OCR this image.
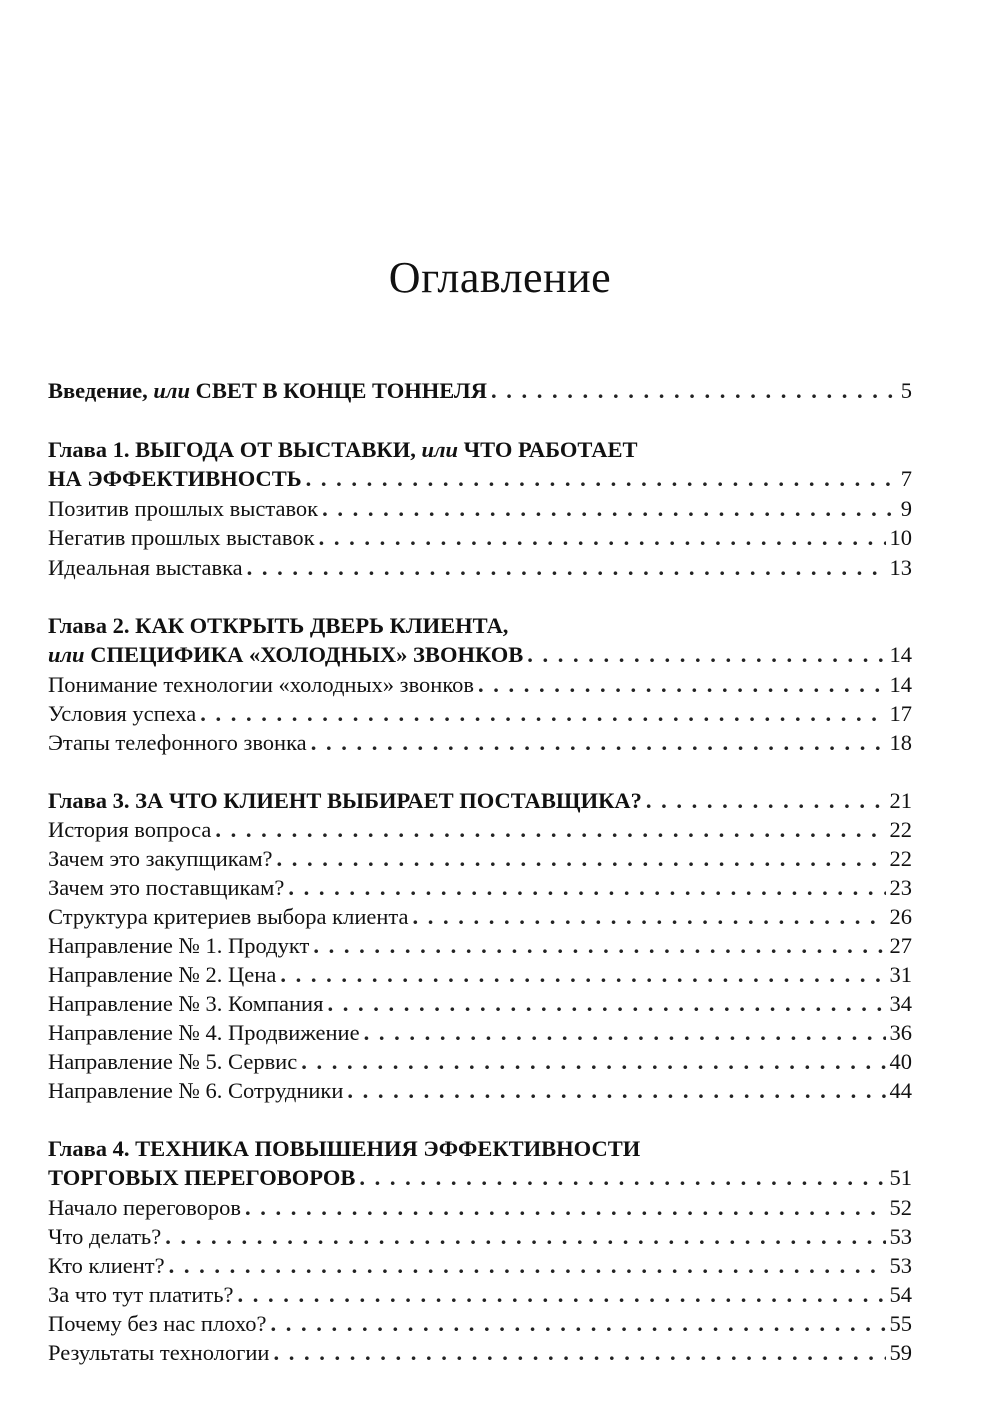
Оглавление
Введение, или СВЕТ В КОНЦЕ ТОННЕЛЯ . . .	5
Глава 1. ВЫГОДА ОТ ВЫСТАВКИ, или ЧТО РАБОТАЕТ
НА ЭФФЕКТИВНОСТЬ . . .	7
Позитив прошлых выставок . . .	9
Негатив прошлых выставок . . .	10
Идеальная выставка . . .	13
Глава 2. КАК ОТКРЫТЬ ДВЕРЬ КЛИЕНТА,
или СПЕЦИФИКА «ХОЛОДНЫХ» ЗВОНКОВ . . .	14
Понимание технологии «холодных» звонков . . .	14
Условия успеха . . .	17
Этапы телефонного звонка . . .	18
Глава 3. ЗА ЧТО КЛИЕНТ ВЫБИРАЕТ ПОСТАВЩИКА? . . .	21
История вопроса . . .	22
Зачем это закупщикам? . . .	22
Зачем это поставщикам? . . .	23
Структура критериев выбора клиента . . .	26
Направление № 1. Продукт . . .	27
Направление № 2. Цена . . .	31
Направление № 3. Компания . . .	34
Направление № 4. Продвижение . . .	36
Направление № 5. Сервис . . .	40
Направление № 6. Сотрудники . . .	44
Глава 4. ТЕХНИКА ПОВЫШЕНИЯ ЭФФЕКТИВНОСТИ
ТОРГОВЫХ ПЕРЕГОВОРОВ . . .	51
Начало переговоров . . .	52
Что делать? . . .	53
Кто клиент? . . .	53
За что тут платить? . . .	54
Почему без нас плохо? . . .	55
Результаты технологии . . .	59
